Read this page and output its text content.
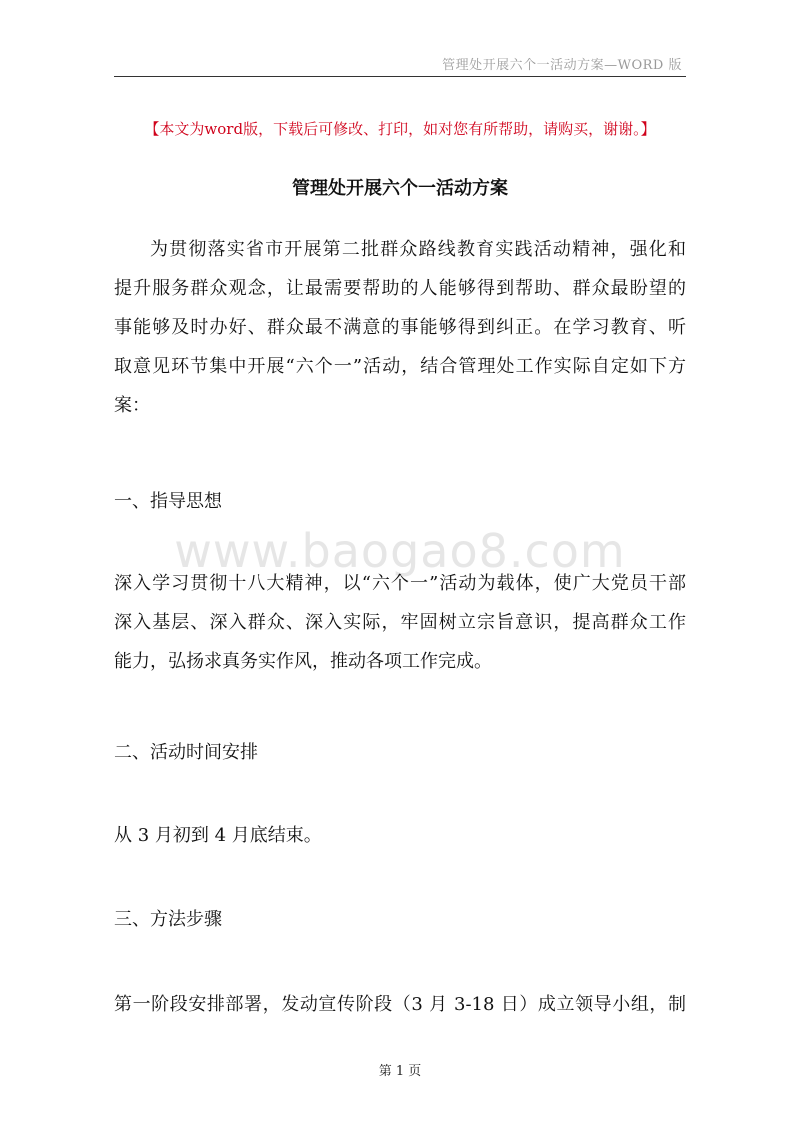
管理处开展六个一活动方案—WORD 版
【本文为word版，下载后可修改、打印，如对您有所帮助，请购买，谢谢。】
管理处开展六个一活动方案
为贯彻落实省市开展第二批群众路线教育实践活动精神，强化和
提升服务群众观念，让最需要帮助的人能够得到帮助、群众最盼望的
事能够及时办好、群众最不满意的事能够得到纠正。在学习教育、听
取意见环节集中开展“六个一”活动，结合管理处工作实际自定如下方
案：
一、指导思想
www.baogao8.com
深入学习贯彻十八大精神，以“六个一”活动为载体，使广大党员干部
深入基层、深入群众、深入实际，牢固树立宗旨意识，提高群众工作
能力，弘扬求真务实作风，推动各项工作完成。
二、活动时间安排
从 3 月初到 4 月底结束。
三、方法步骤
第一阶段安排部署，发动宣传阶段（3 月 3-18 日）成立领导小组，制
第 1 页
